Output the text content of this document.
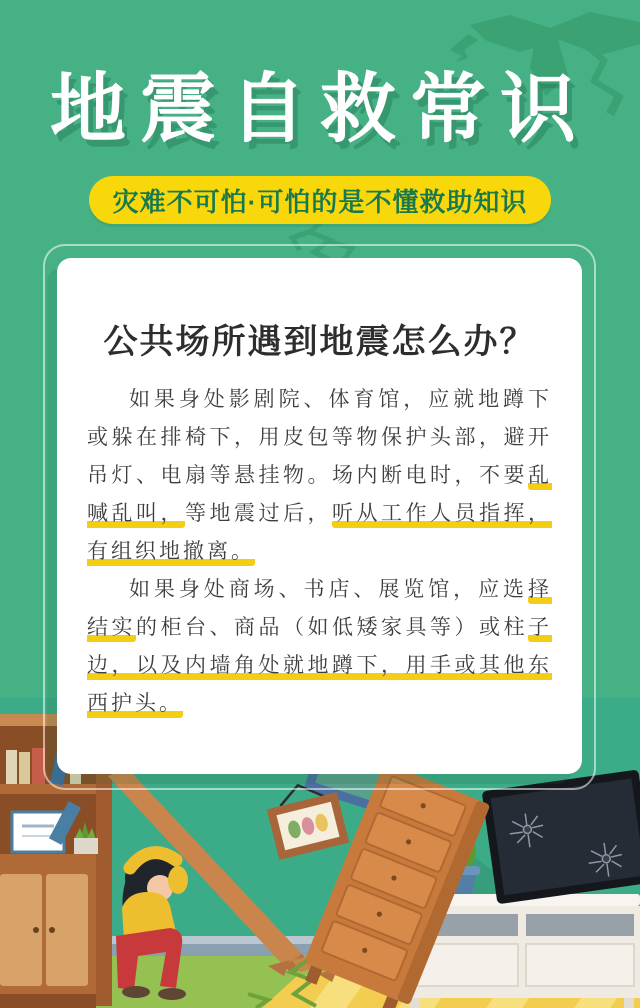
地震自救常识
灾难不可怕·可怕的是不懂救助知识
公共场所遇到地震怎么办？

如果身处影剧院、体育馆，应就地蹲下或躲在排椅下，用皮包等物保护头部，避开吊灯、电扇等悬挂物。场内断电时，不要乱喊乱叫，等地震过后，听从工作人员指挥，有组织地撤离。

如果身处商场、书店、展览馆，应选择结实的柜台、商品（如低矮家具等）或柱子边，以及内墙角处就地蹲下，用手或其他东西护头。
